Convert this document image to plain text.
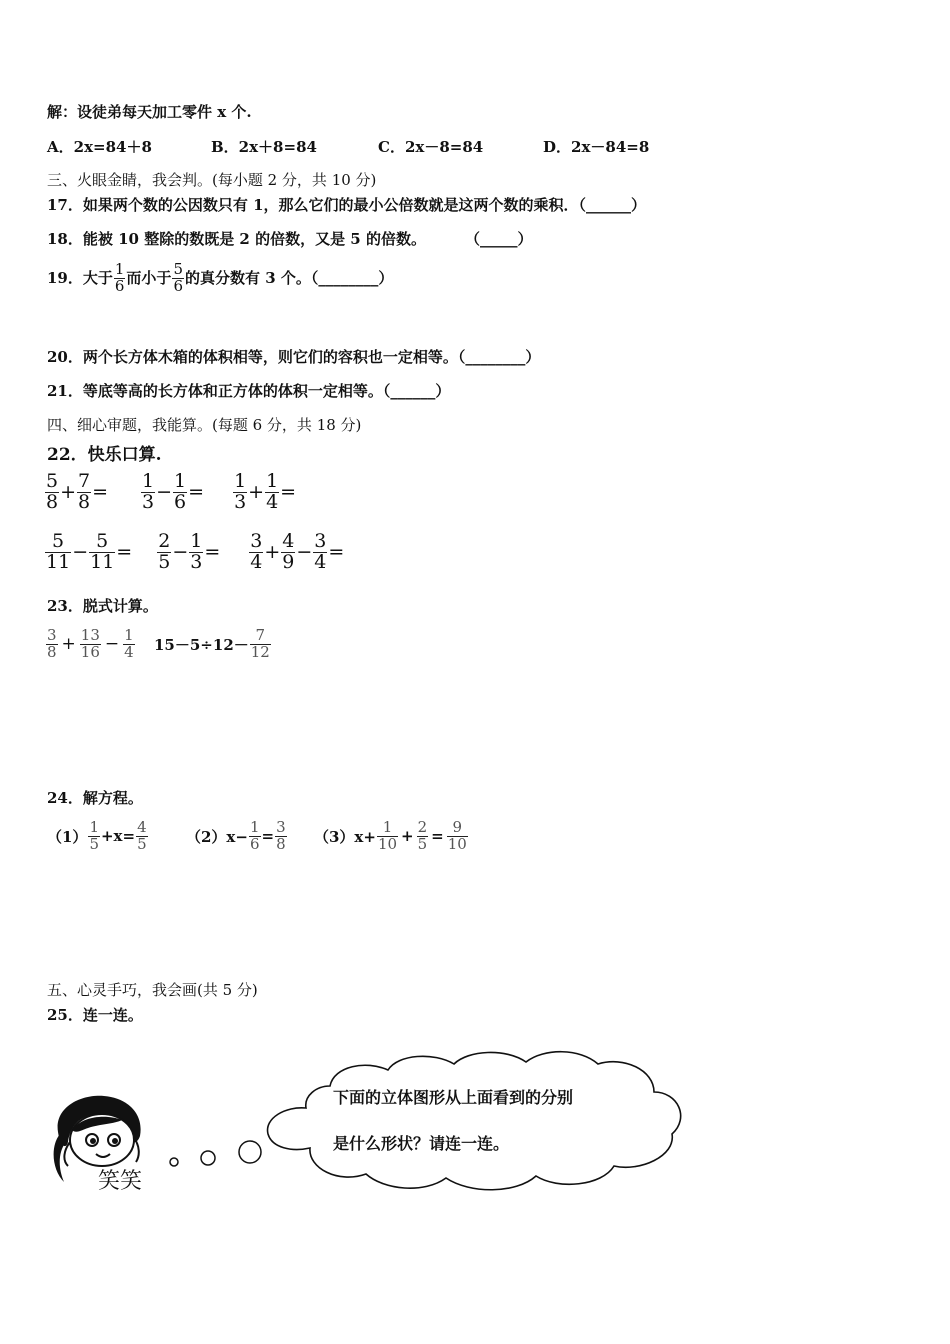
解：设徒弟每天加工零件 x 个.
A．2x=84＋8	B．2x＋8=84	C．2x－8=84	D．2x－84=8
三、火眼金睛，我会判。(每小题 2 分，共 10 分)
17．如果两个数的公因数只有 1，那么它们的最小公倍数就是这两个数的乘积．（______）
18．能被 10 整除的数既是 2 的倍数，又是 5 的倍数。	（_____）
19．大于 $\frac{1}{6}$ 而小于 $\frac{5}{6}$ 的真分数有 3 个。（________）
20．两个长方体木箱的体积相等，则它们的容积也一定相等。（________）
21．等底等高的长方体和正方体的体积一定相等。（______）
四、细心审题，我能算。(每题 6 分，共 18 分)
22．快乐口算.
$\frac{5}{8} + \frac{7}{8} = \frac{1}{3} - \frac{1}{6} = \frac{1}{3} + \frac{1}{4}$ =
$\frac{5}{11} - \frac{5}{11} = \frac{2}{5} - \frac{1}{3} = \frac{3}{4} + \frac{4}{9} - \frac{3}{4}$ =
23．脱式计算。
$\frac{3}{8} + \frac{13}{16} - \frac{1}{4} 15-5\div 12- \frac{7}{12}$
24．解方程。
$(1) \frac{1}{5} +x= \frac{4}{5}$	$(2)x- \frac{1}{6} = \frac{3}{8} (3)x+ \frac{1}{10} + \frac{2}{5} = \frac{9}{10}$
五、心灵手巧，我会画(共 5 分)
25．连一连。
笑笑
下面的立体图形从上面看到的分别
是什么形状？请连一连。
